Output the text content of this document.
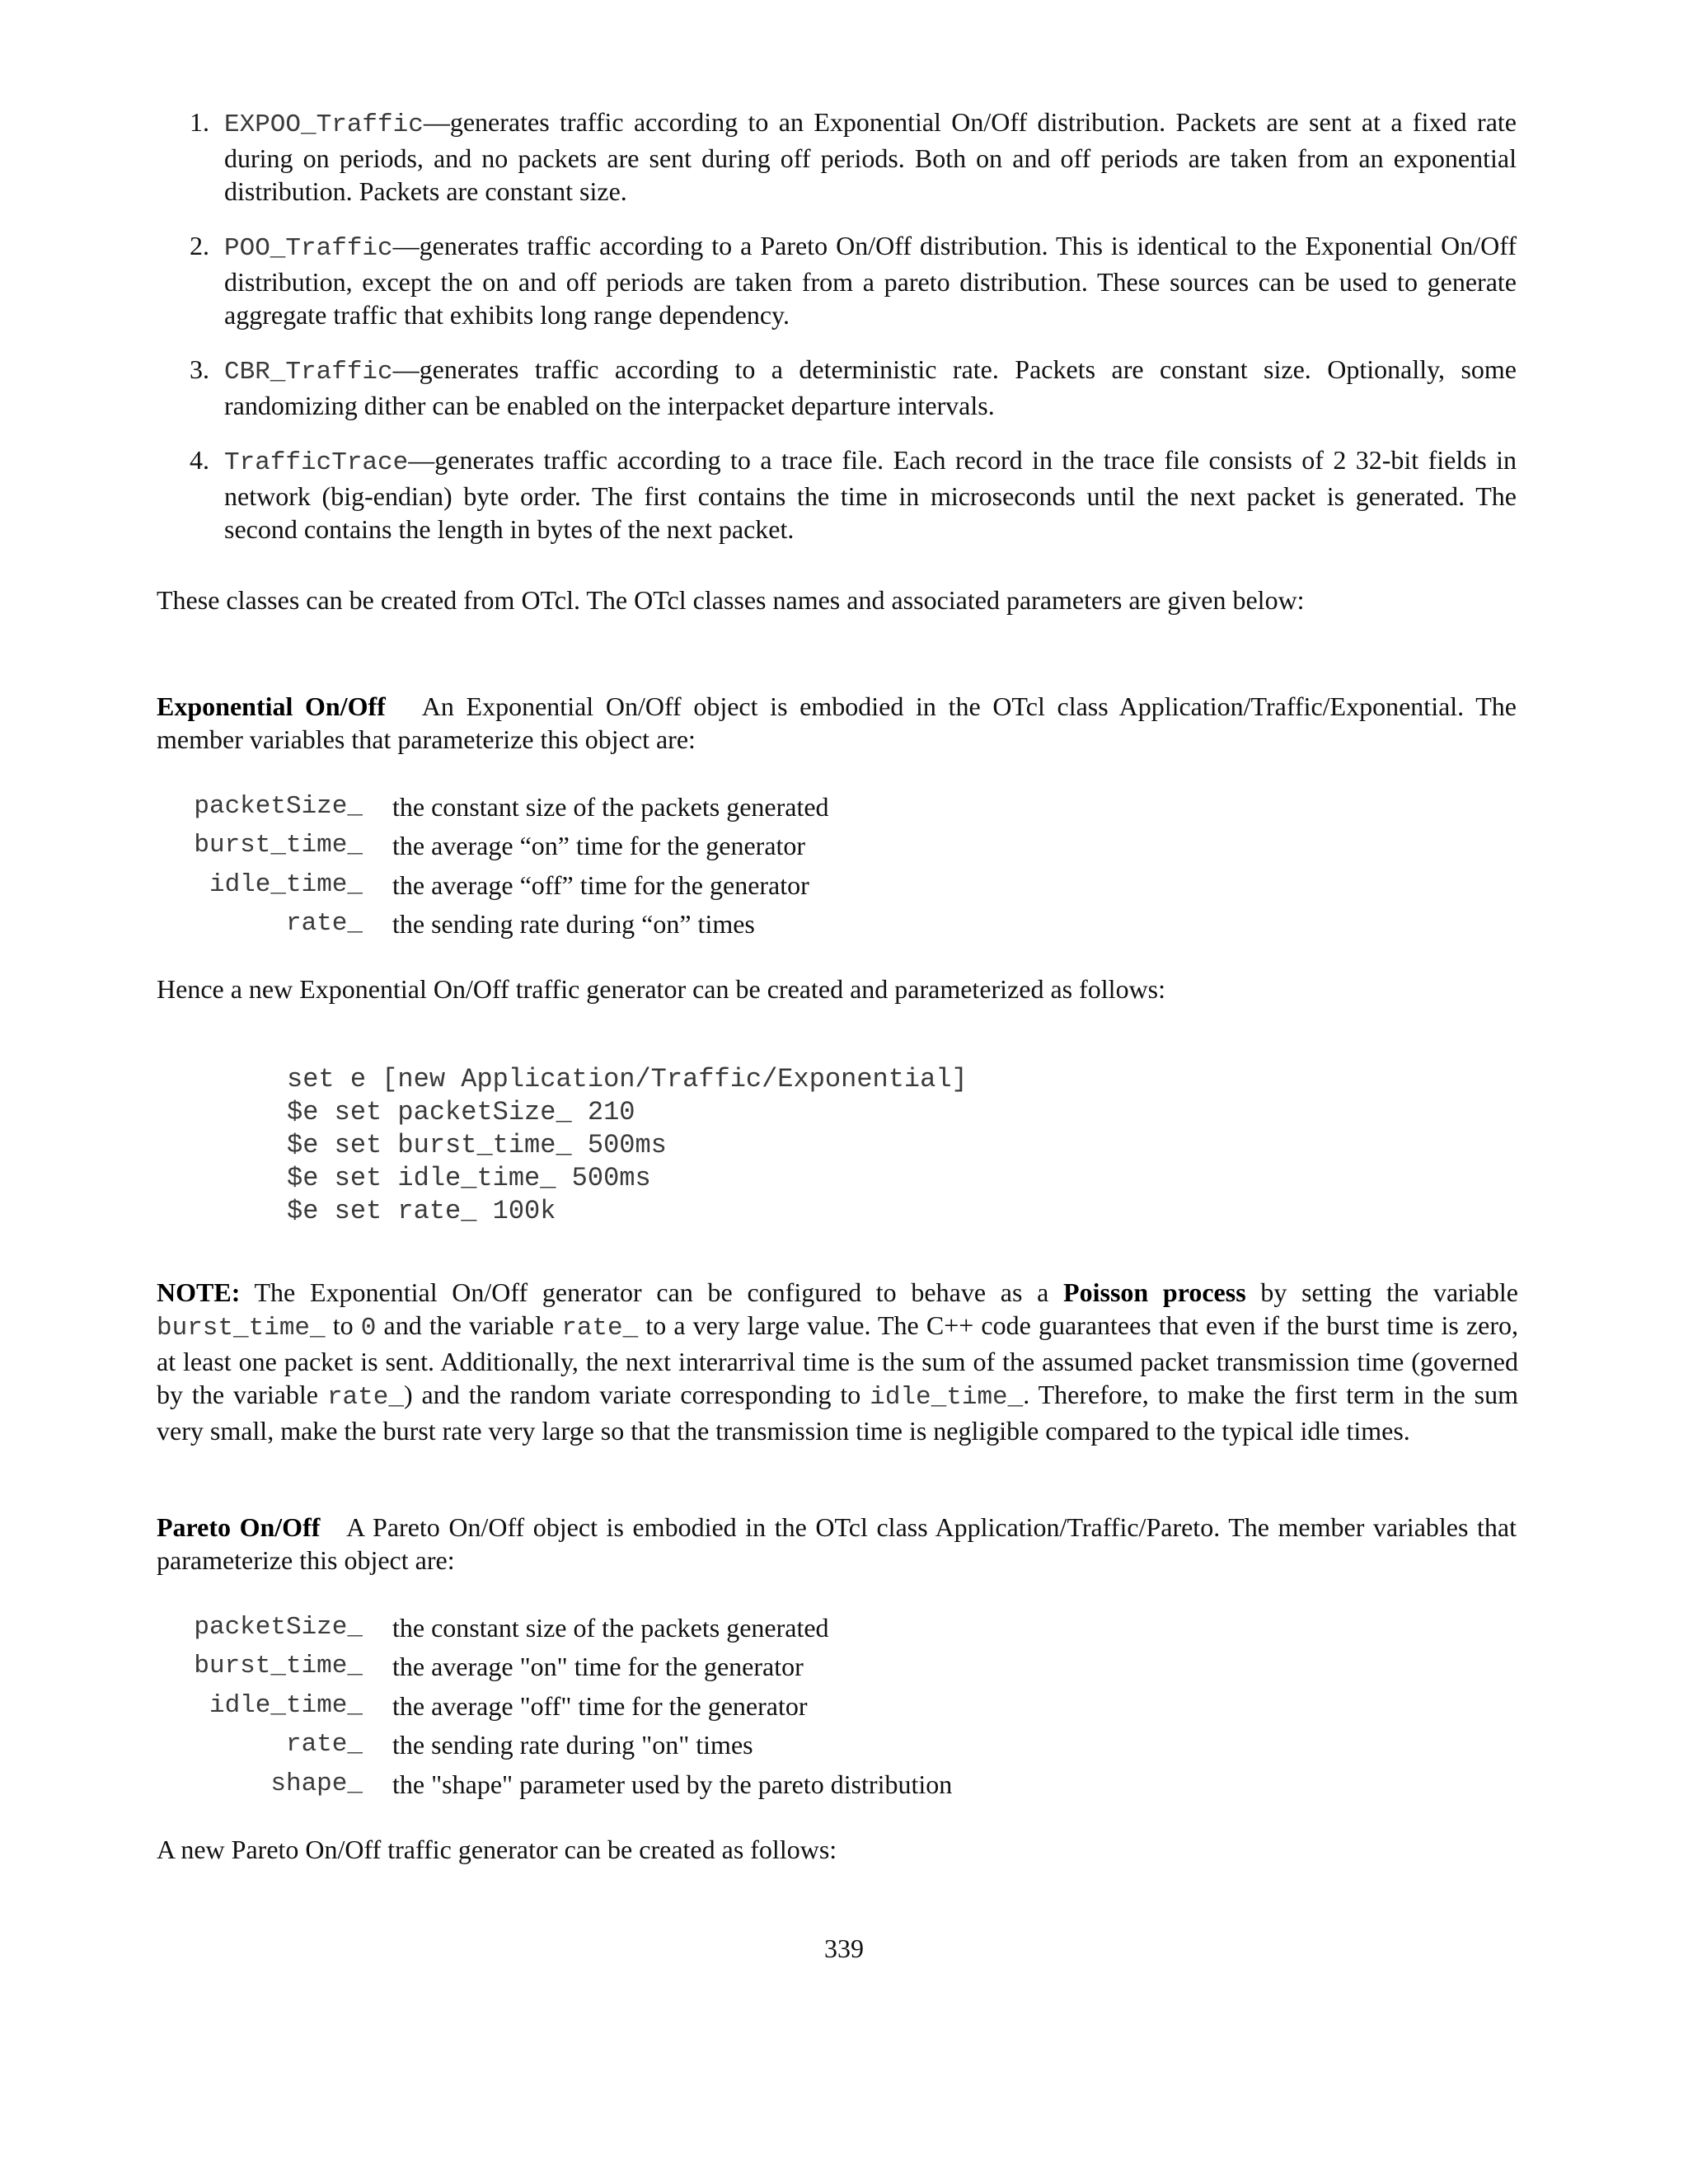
1. EXPOO_Traffic—generates traffic according to an Exponential On/Off distribution. Packets are sent at a fixed rate during on periods, and no packets are sent during off periods. Both on and off periods are taken from an exponential distribution. Packets are constant size.
2. POO_Traffic—generates traffic according to a Pareto On/Off distribution. This is identical to the Exponential On/Off distribution, except the on and off periods are taken from a pareto distribution. These sources can be used to generate aggregate traffic that exhibits long range dependency.
3. CBR_Traffic—generates traffic according to a deterministic rate. Packets are constant size. Optionally, some randomizing dither can be enabled on the interpacket departure intervals.
4. TrafficTrace—generates traffic according to a trace file. Each record in the trace file consists of 2 32-bit fields in network (big-endian) byte order. The first contains the time in microseconds until the next packet is generated. The second contains the length in bytes of the next packet.

These classes can be created from OTcl. The OTcl classes names and associated parameters are given below:

Exponential On/Off An Exponential On/Off object is embodied in the OTcl class Application/Traffic/Exponential. The member variables that parameterize this object are:

packetSize_	the constant size of the packets generated
burst_time_	the average “on” time for the generator
idle_time_	the average “off” time for the generator
rate_	the sending rate during “on” times

Hence a new Exponential On/Off traffic generator can be created and parameterized as follows:

set e [new Application/Traffic/Exponential]
$e set packetSize_ 210
$e set burst_time_ 500ms
$e set idle_time_ 500ms
$e set rate_ 100k

NOTE: The Exponential On/Off generator can be configured to behave as a Poisson process by setting the variable burst_time_ to 0 and the variable rate_ to a very large value. The C++ code guarantees that even if the burst time is zero, at least one packet is sent. Additionally, the next interarrival time is the sum of the assumed packet transmission time (governed by the variable rate_) and the random variate corresponding to idle_time_. Therefore, to make the first term in the sum very small, make the burst rate very large so that the transmission time is negligible compared to the typical idle times.

Pareto On/Off A Pareto On/Off object is embodied in the OTcl class Application/Traffic/Pareto. The member variables that parameterize this object are:

packetSize_	the constant size of the packets generated
burst_time_	the average "on" time for the generator
idle_time_	the average "off" time for the generator
rate_	the sending rate during "on" times
shape_	the "shape" parameter used by the pareto distribution

A new Pareto On/Off traffic generator can be created as follows:

339
